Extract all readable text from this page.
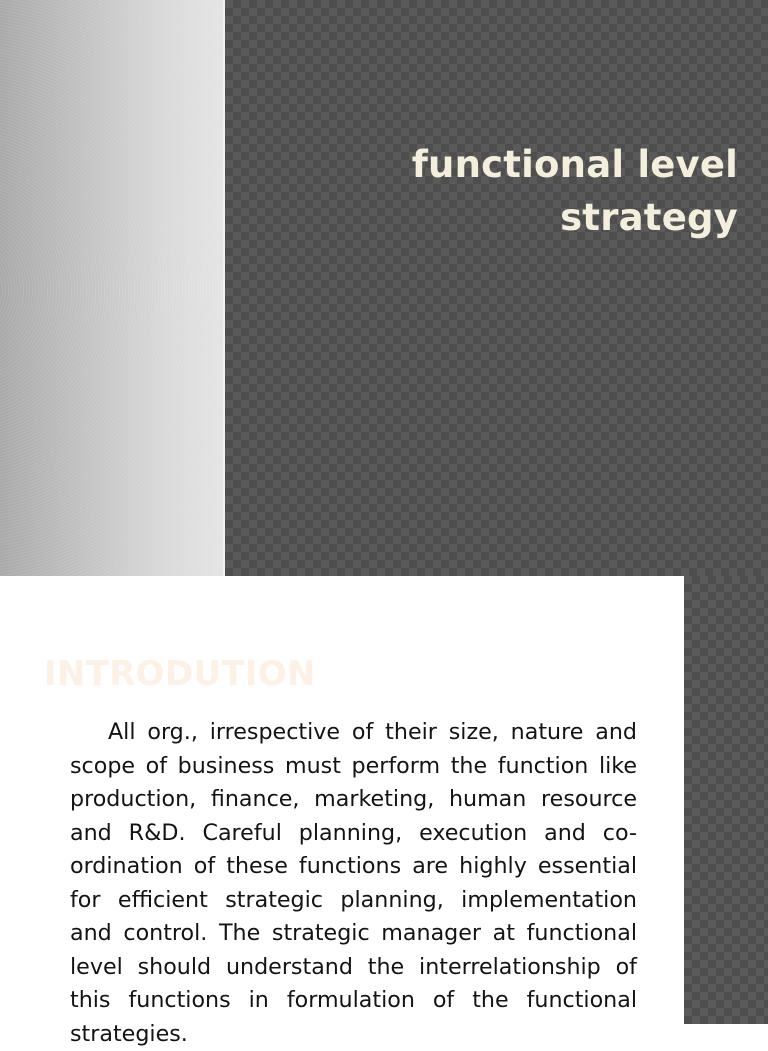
functional level
strategy
INTRODUTION

All org., irrespective of their size, nature and scope of business must perform the function like production, finance, marketing, human resource and R&D. Careful planning, execution and co-ordination of these functions are highly essential for efficient strategic planning, implementation and control. The strategic manager at functional level should understand the interrelationship of this functions in formulation of the functional strategies.
